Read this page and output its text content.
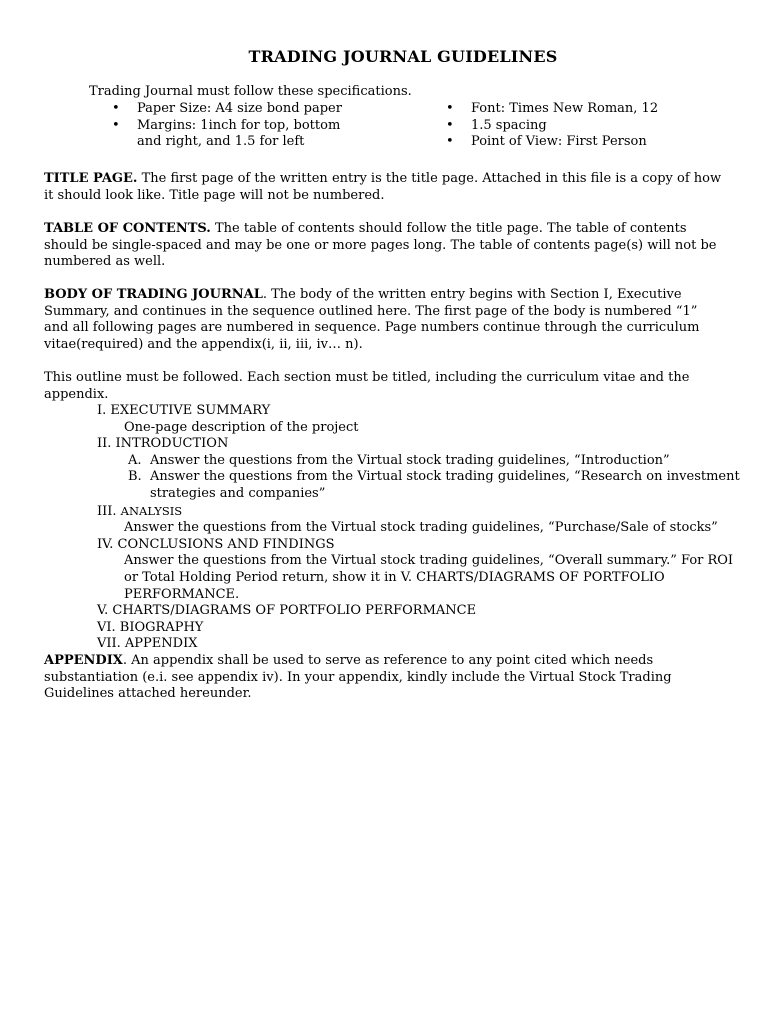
TRADING JOURNAL GUIDELINES
Trading Journal must follow these specifications.
• Paper Size: A4 size bond paper
• Margins: 1inch for top, bottom and right, and 1.5 for left
• Font: Times New Roman, 12
• 1.5 spacing
• Point of View: First Person
TITLE PAGE. The first page of the written entry is the title page. Attached in this file is a copy of how it should look like. Title page will not be numbered.
TABLE OF CONTENTS. The table of contents should follow the title page. The table of contents should be single-spaced and may be one or more pages long. The table of contents page(s) will not be numbered as well.
BODY OF TRADING JOURNAL. The body of the written entry begins with Section I, Executive Summary, and continues in the sequence outlined here. The first page of the body is numbered “1” and all following pages are numbered in sequence. Page numbers continue through the curriculum vitae(required) and the appendix(i, ii, iii, iv… n).
This outline must be followed. Each section must be titled, including the curriculum vitae and the appendix.
I. EXECUTIVE SUMMARY
One-page description of the project
II. INTRODUCTION
A. Answer the questions from the Virtual stock trading guidelines, “Introduction”
B. Answer the questions from the Virtual stock trading guidelines, “Research on investment strategies and companies”
III. ANALYSIS
Answer the questions from the Virtual stock trading guidelines, “Purchase/Sale of stocks”
IV. CONCLUSIONS AND FINDINGS
Answer the questions from the Virtual stock trading guidelines, “Overall summary.” For ROI or Total Holding Period return, show it in V. CHARTS/DIAGRAMS OF PORTFOLIO PERFORMANCE.
V. CHARTS/DIAGRAMS OF PORTFOLIO PERFORMANCE
VI. BIOGRAPHY
VII. APPENDIX
APPENDIX. An appendix shall be used to serve as reference to any point cited which needs substantiation (e.i. see appendix iv). In your appendix, kindly include the Virtual Stock Trading Guidelines attached hereunder.
